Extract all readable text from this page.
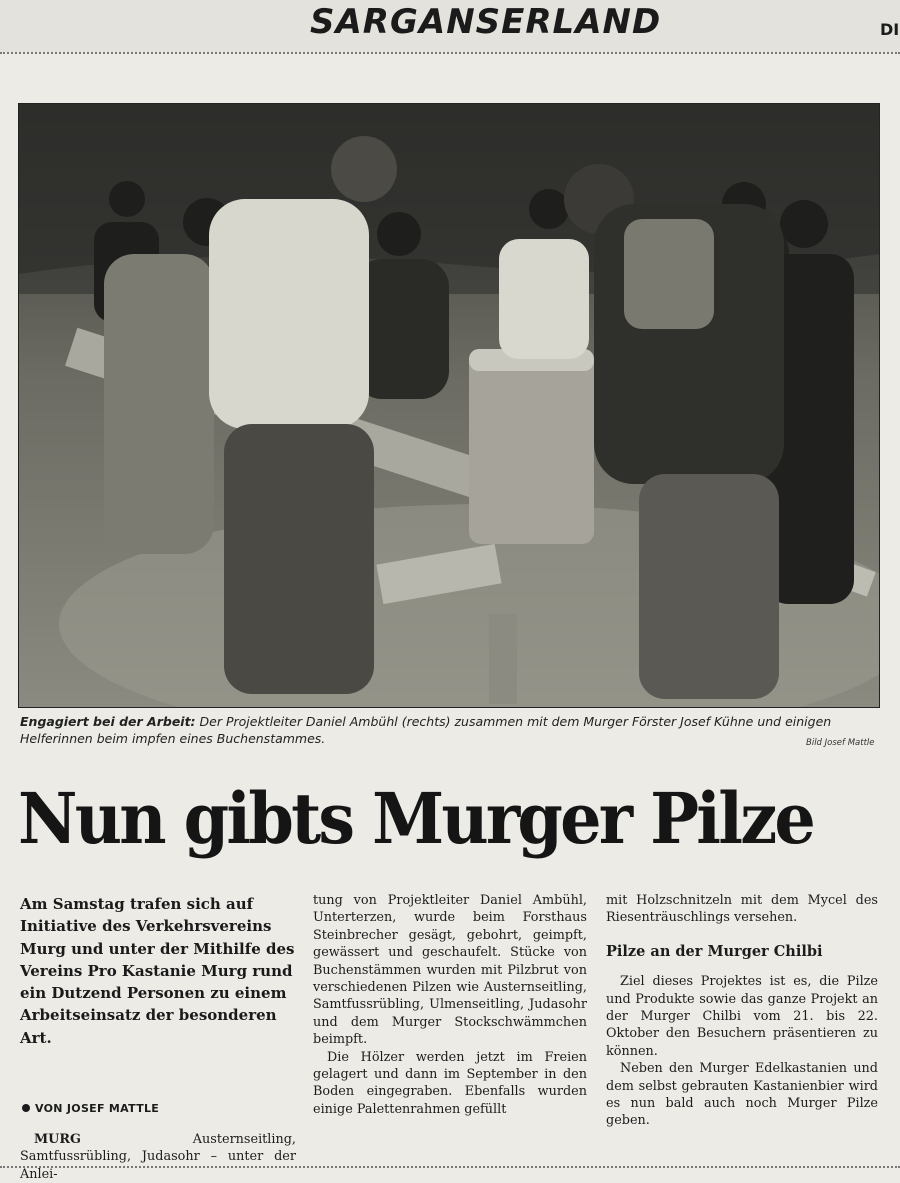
SARGANSERLAND	DI
Engagiert bei der Arbeit: Der Projektleiter Daniel Ambühl (rechts) zusammen mit dem Murger Förster Josef Kühne und einigen Helferinnen beim impfen eines Buchenstammes.	Bild Josef Mattle
Nun gibts Murger Pilze
Am Samstag trafen sich auf Initiative des Verkehrsvereins Murg und unter der Mithilfe des Vereins Pro Kastanie Murg rund ein Dutzend Personen zu einem Arbeitseinsatz der besonderen Art.
VON JOSEF MATTLE

MURG Austernseitling, Samtfussrübling, Judasohr – unter der Anlei-

tung von Projektleiter Daniel Ambühl, Unterterzen, wurde beim Forsthaus Steinbrecher gesägt, gebohrt, geimpft, gewässert und geschaufelt. Stücke von Buchenstämmen wurden mit Pilzbrut von verschiedenen Pilzen wie Austernseitling, Samtfussrübling, Ulmenseitling, Judasohr und dem Murger Stockschwämmchen beimpft.

Die Hölzer werden jetzt im Freien gelagert und dann im September in den Boden eingegraben. Ebenfalls wurden einige Palettenrahmen gefüllt

mit Holzschnitzeln mit dem Mycel des Riesenträuschlings versehen.

Pilze an der Murger Chilbi

Ziel dieses Projektes ist es, die Pilze und Produkte sowie das ganze Projekt an der Murger Chilbi vom 21. bis 22. Oktober den Besuchern präsentieren zu können.

Neben den Murger Edelkastanien und dem selbst gebrauten Kastanienbier wird es nun bald auch noch Murger Pilze geben.
